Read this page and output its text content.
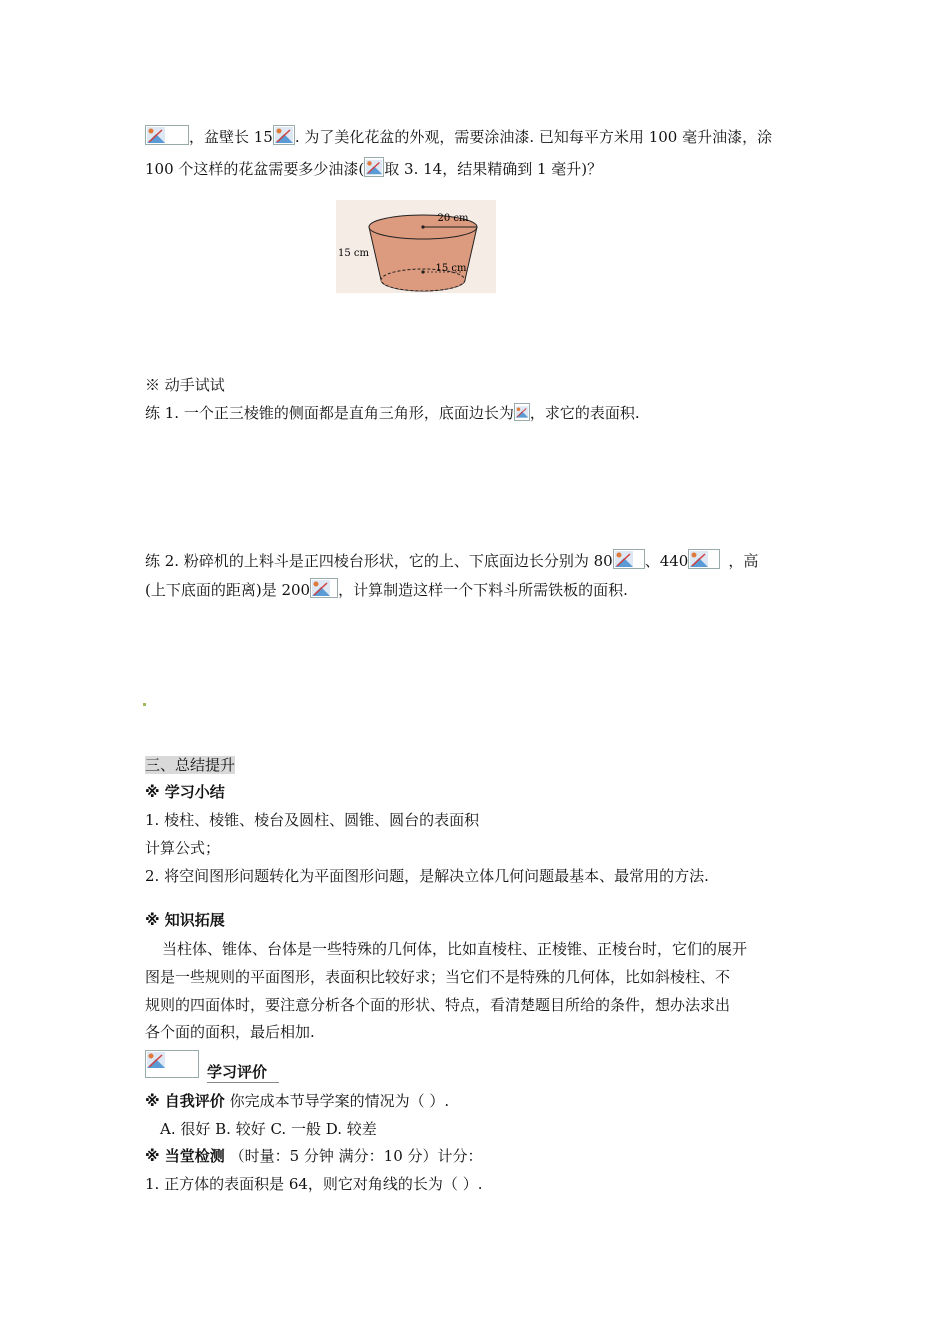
，盆壁长 15 . 为了美化花盆的外观，需要涂油漆. 已知每平方米用 100 毫升油漆，涂
100 个这样的花盆需要多少油漆( 取 3. 14，结果精确到 1 毫升)？
20 cm
15 cm
15 cm
※ 动手试试
练 1. 一个正三棱锥的侧面都是直角三角形，底面边长为 ，求它的表面积.
练 2. 粉碎机的上料斗是正四棱台形状，它的上、下底面边长分别为 80 、440	，高
(上下底面的距离)是 200 ，计算制造这样一个下料斗所需铁板的面积.
三、总结提升
※ 学习小结
1. 棱柱、棱锥、棱台及圆柱、圆锥、圆台的表面积
计算公式；
2. 将空间图形问题转化为平面图形问题，是解决立体几何问题最基本、最常用的方法.
※ 知识拓展
当柱体、锥体、台体是一些特殊的几何体，比如直棱柱、正棱锥、正棱台时，它们的展开
图是一些规则的平面图形，表面积比较好求；当它们不是特殊的几何体，比如斜棱柱、不
规则的四面体时，要注意分析各个面的形状、特点，看清楚题目所给的条件，想办法求出
各个面的面积，最后相加.
学习评价
※ 自我评价 你完成本节导学案的情况为（ ）.
A. 很好 B. 较好 C. 一般 D. 较差
※ 当堂检测 （时量：5 分钟 满分：10 分）计分：
1. 正方体的表面积是 64，则它对角线的长为（ ）.
